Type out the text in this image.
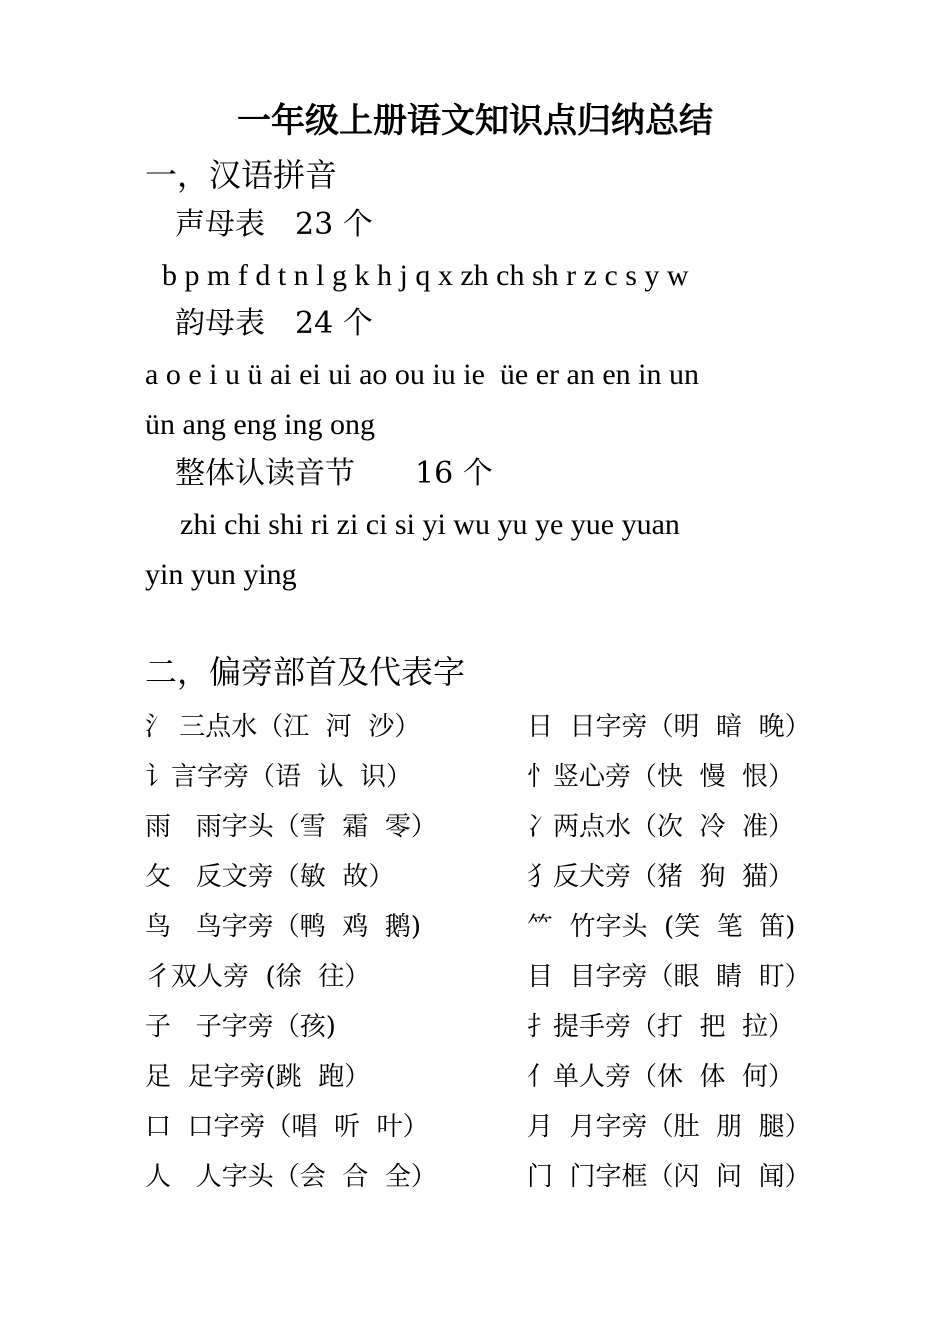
一年级上册语文知识点归纳总结
一，汉语拼音
声母表　23 个
b p m f d t n l g k h j q x zh ch sh r z c s y w
韵母表　24 个
a o e i u ü ai ei ui ao ou iu ie  üe er an en in un
ün ang eng ing ong
整体认读音节　　16 个
zhi chi shi ri zi ci si yi wu yu ye yue yuan
yin yun ying
二，偏旁部首及代表字
氵 三点水（江  河  沙）	日  日字旁（明  暗  晚）
讠言字旁（语  认  识）	忄竖心旁（快  慢  恨）
雨   雨字头（雪  霜  零）	冫两点水（次  冷  准）
攵   反文旁（敏  故）	犭反犬旁（猪  狗  猫）
鸟   鸟字旁（鸭  鸡  鹅)	⺮  竹字头  (笑  笔  笛)
彳双人旁  (徐  往）	目  目字旁（眼  睛  盯）
子   子字旁（孩)	扌提手旁（打  把  拉）
足  足字旁(跳  跑）	亻单人旁（休  体  何）
口  口字旁（唱  听  叶）	月  月字旁（肚  朋  腿）
人   人字头（会  合  全）	门  门字框（闪  问  闻）
